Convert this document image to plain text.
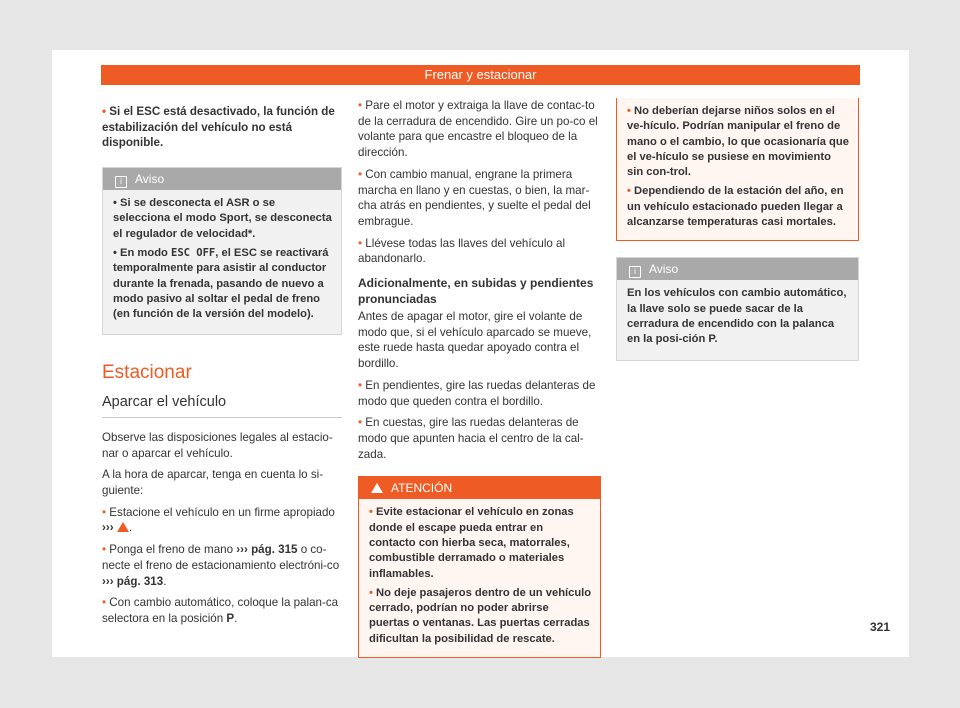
Frenar y estacionar

• Si el ESC está desactivado, la función de estabilización del vehículo no está disponible.

i Aviso

• Si se desconecta el ASR o se selecciona el modo Sport, se desconecta el regulador de velocidad*.

• En modo ESC OFF, el ESC se reactivará temporalmente para asistir al conductor durante la frenada, pasando de nuevo a modo pasivo al soltar el pedal de freno (en función de la versión del modelo).

Estacionar
Aparcar el vehículo

Observe las disposiciones legales al estacio-nar o aparcar el vehículo.

A la hora de aparcar, tenga en cuenta lo si-guiente:

• Estacione el vehículo en un firme apropiado ››› .

• Ponga el freno de mano ››› pág. 315 o co-necte el freno de estacionamiento electróni-co ››› pág. 313.

• Con cambio automático, coloque la palan-ca selectora en la posición P.

• Pare el motor y extraiga la llave de contac-to de la cerradura de encendido. Gire un po-co el volante para que encastre el bloqueo de la dirección.

• Con cambio manual, engrane la primera marcha en llano y en cuestas, o bien, la mar-cha atrás en pendientes, y suelte el pedal del embrague.

• Llévese todas las llaves del vehículo al abandonarlo.

Adicionalmente, en subidas y pendientes pronunciadas

Antes de apagar el motor, gire el volante de modo que, si el vehículo aparcado se mueve, este ruede hasta quedar apoyado contra el bordillo.

• En pendientes, gire las ruedas delanteras de modo que queden contra el bordillo.

• En cuestas, gire las ruedas delanteras de modo que apunten hacia el centro de la cal-zada.

ATENCIÓN

• Evite estacionar el vehículo en zonas donde el escape pueda entrar en contacto con hierba seca, matorrales, combustible derramado o materiales inflamables.

• No deje pasajeros dentro de un vehículo cerrado, podrían no poder abrirse puertas o ventanas. Las puertas cerradas dificultan la posibilidad de rescate.

• No deberían dejarse niños solos en el ve-hículo. Podrían manipular el freno de mano o el cambio, lo que ocasionaría que el ve-hículo se pusiese en movimiento sin con-trol.

• Dependiendo de la estación del año, en un vehículo estacionado pueden llegar a alcanzarse temperaturas casi mortales.

i Aviso

En los vehículos con cambio automático, la llave solo se puede sacar de la cerradura de encendido con la palanca en la posi-ción P.

321
